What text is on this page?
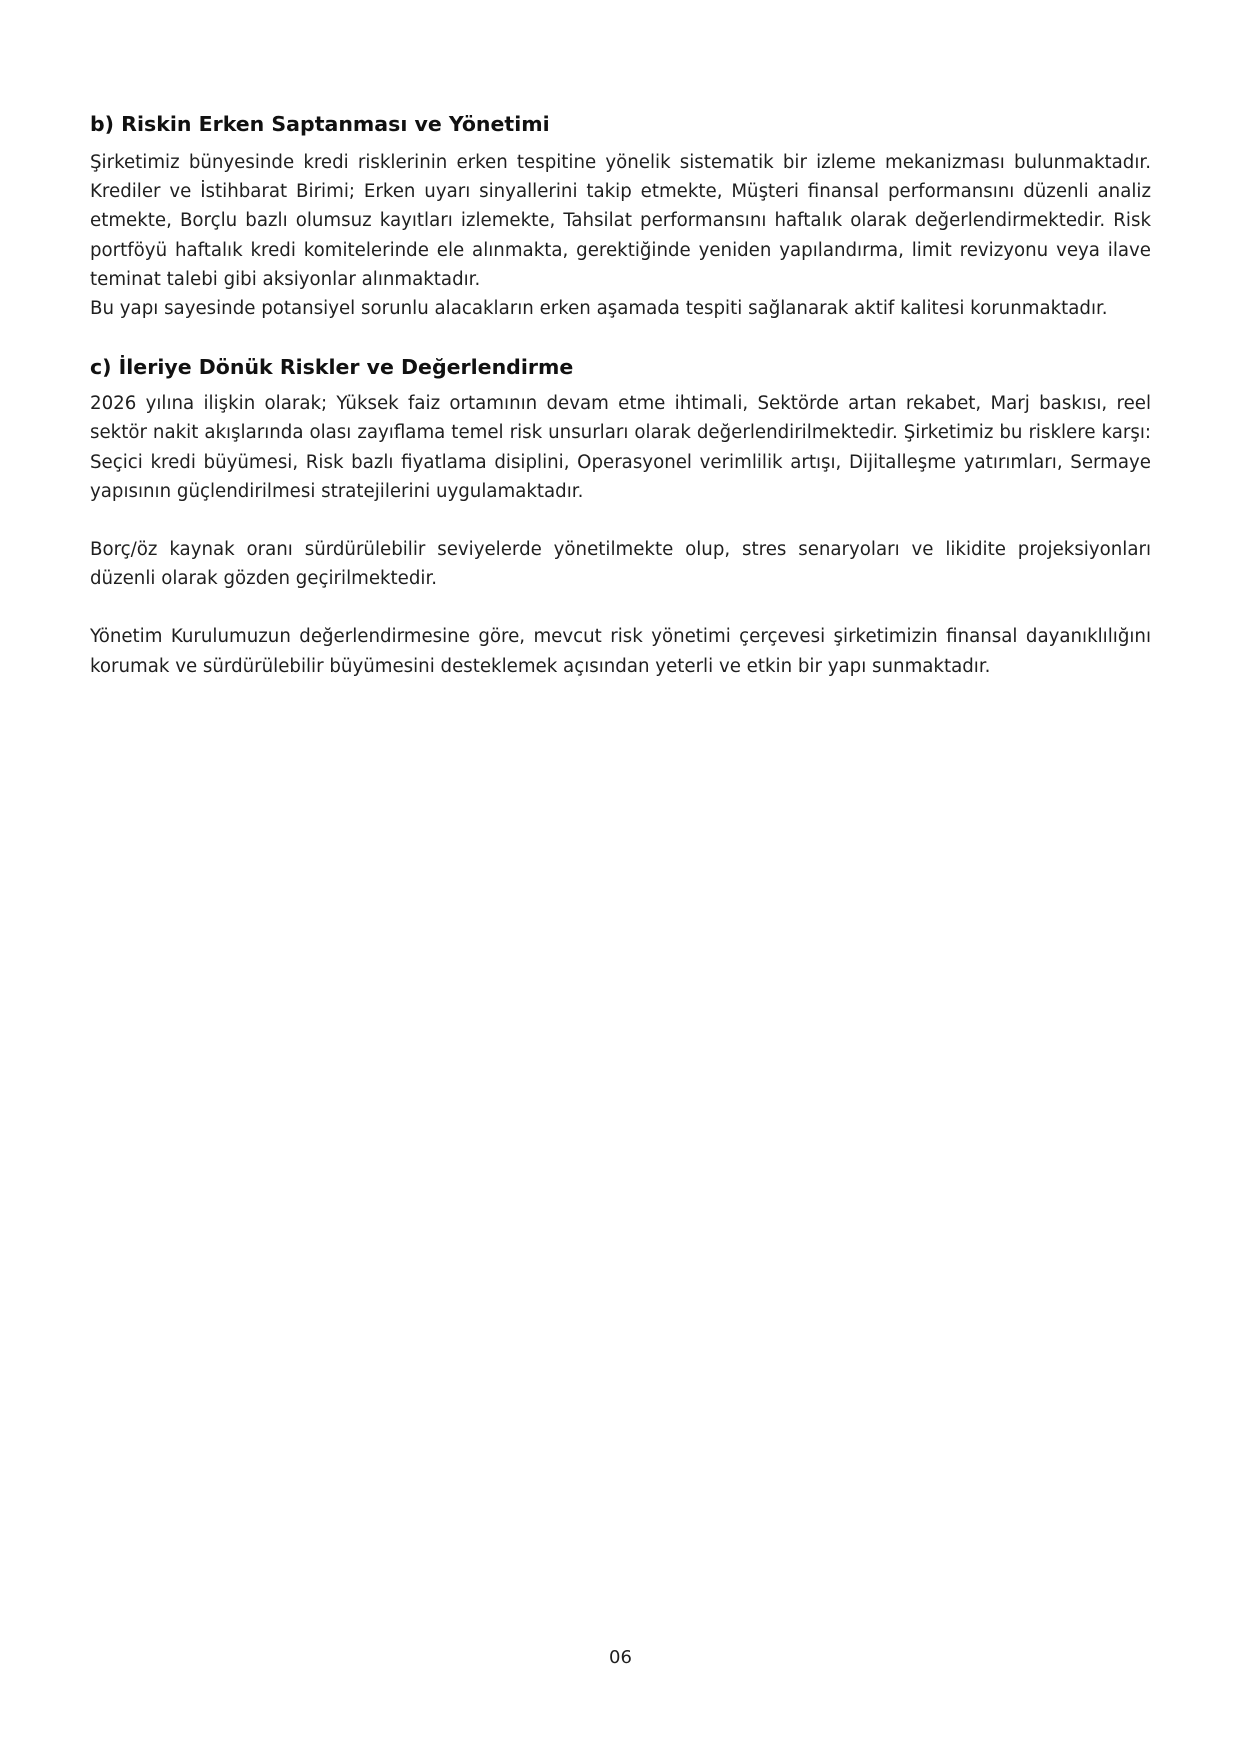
b) Riskin Erken Saptanması ve Yönetimi

Şirketimiz bünyesinde kredi risklerinin erken tespitine yönelik sistematik bir izleme mekanizması bulunmaktadır. Krediler ve İstihbarat Birimi; Erken uyarı sinyallerini takip etmekte, Müşteri finansal performansını düzenli analiz etmekte, Borçlu bazlı olumsuz kayıtları izlemekte, Tahsilat performansını haftalık olarak değerlendirmektedir. Risk portföyü haftalık kredi komitelerinde ele alınmakta, gerektiğinde yeniden yapılandırma, limit revizyonu veya ilave teminat talebi gibi aksiyonlar alınmaktadır.

Bu yapı sayesinde potansiyel sorunlu alacakların erken aşamada tespiti sağlanarak aktif kalitesi korunmaktadır.

c) İleriye Dönük Riskler ve Değerlendirme

2026 yılına ilişkin olarak; Yüksek faiz ortamının devam etme ihtimali, Sektörde artan rekabet, Marj baskısı, reel sektör nakit akışlarında olası zayıflama temel risk unsurları olarak değerlendirilmektedir. Şirketimiz bu risklere karşı: Seçici kredi büyümesi, Risk bazlı fiyatlama disiplini, Operasyonel verimlilik artışı, Dijitalleşme yatırımları, Sermaye yapısının güçlendirilmesi stratejilerini uygulamaktadır.

Borç/öz kaynak oranı sürdürülebilir seviyelerde yönetilmekte olup, stres senaryoları ve likidite projeksiyonları düzenli olarak gözden geçirilmektedir.

Yönetim Kurulumuzun değerlendirmesine göre, mevcut risk yönetimi çerçevesi şirketimizin finansal dayanıklılığını korumak ve sürdürülebilir büyümesini desteklemek açısından yeterli ve etkin bir yapı sunmaktadır.

06
